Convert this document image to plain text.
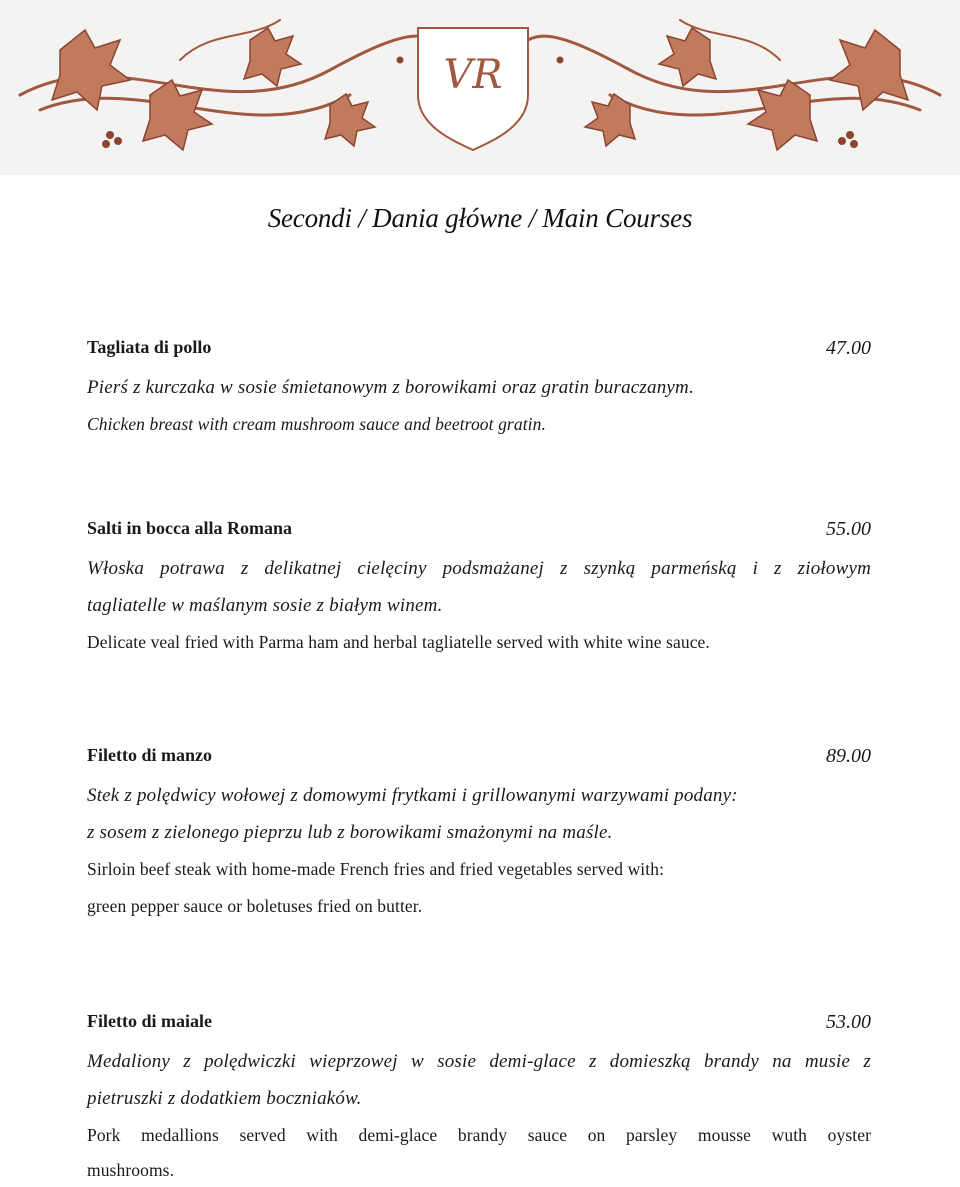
VR
Secondi / Dania główne / Main Courses
Tagliata di pollo	47.00
Pierś z kurczaka w sosie śmietanowym z borowikami oraz gratin buraczanym.
Chicken breast with cream mushroom sauce and beetroot gratin.
Salti in bocca alla Romana	55.00
Włoska potrawa z delikatnej cielęciny podsmażanej z szynką parmeńską i z ziołowym
tagliatelle w maślanym sosie z białym winem.
Delicate veal fried with Parma ham and herbal tagliatelle served with white wine sauce.
Filetto di manzo	89.00
Stek z polędwicy wołowej z domowymi frytkami i grillowanymi warzywami podany:
z sosem z zielonego pieprzu lub z borowikami smażonymi na maśle.
Sirloin beef steak with home-made French fries and fried vegetables served with:
green pepper sauce or boletuses fried on butter.
Filetto di maiale	53.00
Medaliony z polędwiczki wieprzowej w sosie demi-glace z domieszką brandy na musie z
pietruszki z dodatkiem boczniaków.
Pork medallions served with demi-glace brandy sauce on parsley mousse wuth oyster
mushrooms.
